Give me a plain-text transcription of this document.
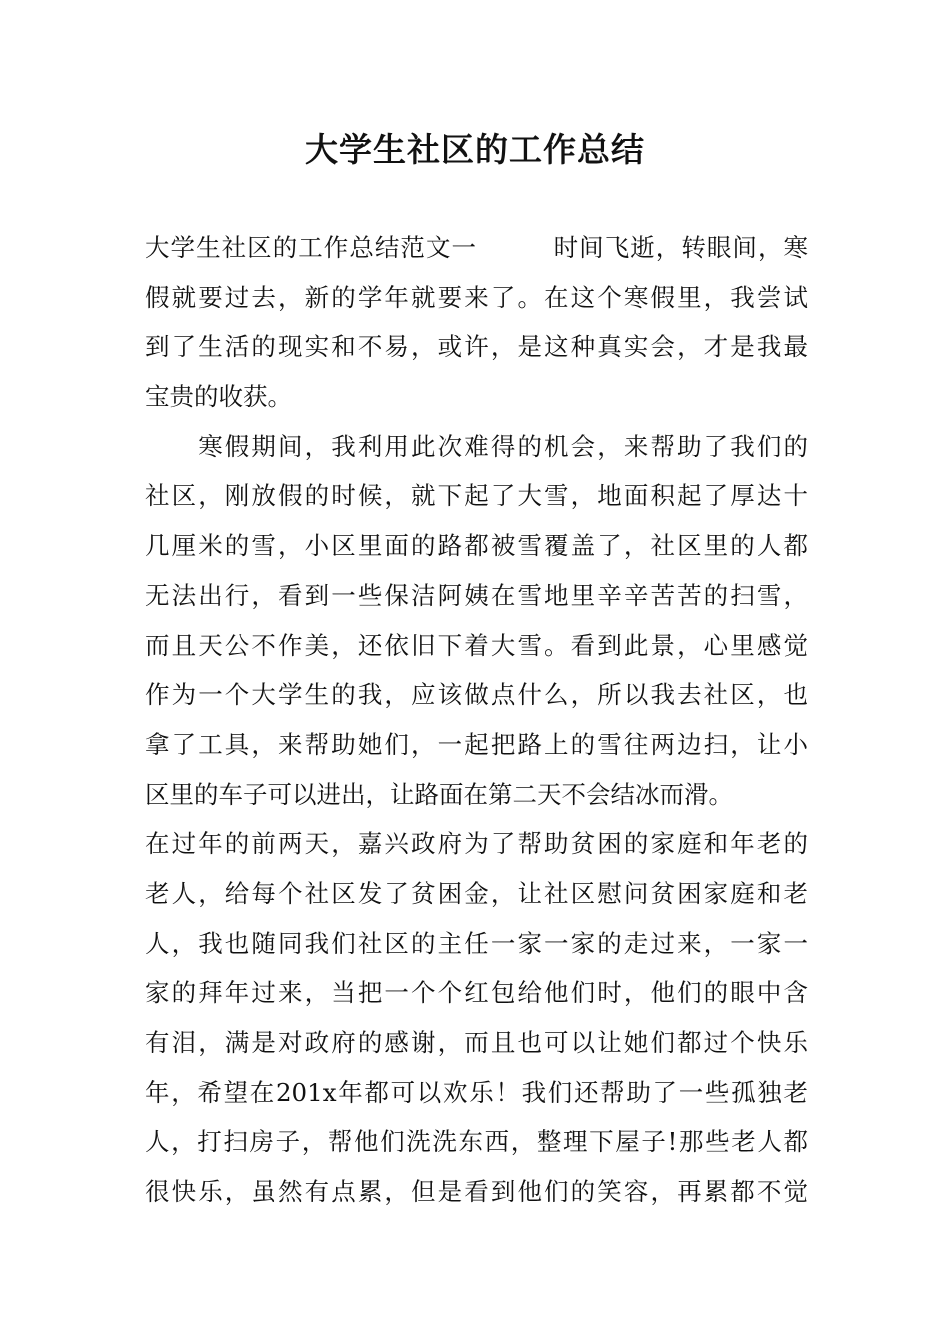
大学生社区的工作总结
大学生社区的工作总结范文一　　　时间飞逝，转眼间，寒
假就要过去，新的学年就要来了。在这个寒假里，我尝试
到了生活的现实和不易，或许，是这种真实会，才是我最
宝贵的收获。
　　寒假期间，我利用此次难得的机会，来帮助了我们的
社区，刚放假的时候，就下起了大雪，地面积起了厚达十
几厘米的雪，小区里面的路都被雪覆盖了，社区里的人都
无法出行，看到一些保洁阿姨在雪地里辛辛苦苦的扫雪，
而且天公不作美，还依旧下着大雪。看到此景，心里感觉
作为一个大学生的我，应该做点什么，所以我去社区，也
拿了工具，来帮助她们，一起把路上的雪往两边扫，让小
区里的车子可以进出，让路面在第二天不会结冰而滑。
在过年的前两天，嘉兴政府为了帮助贫困的家庭和年老的
老人，给每个社区发了贫困金，让社区慰问贫困家庭和老
人，我也随同我们社区的主任一家一家的走过来，一家一
家的拜年过来，当把一个个红包给他们时，他们的眼中含
有泪，满是对政府的感谢，而且也可以让她们都过个快乐
年，希望在201x年都可以欢乐！我们还帮助了一些孤独老
人，打扫房子，帮他们洗洗东西，整理下屋子!那些老人都
很快乐，虽然有点累，但是看到他们的笑容，再累都不觉
